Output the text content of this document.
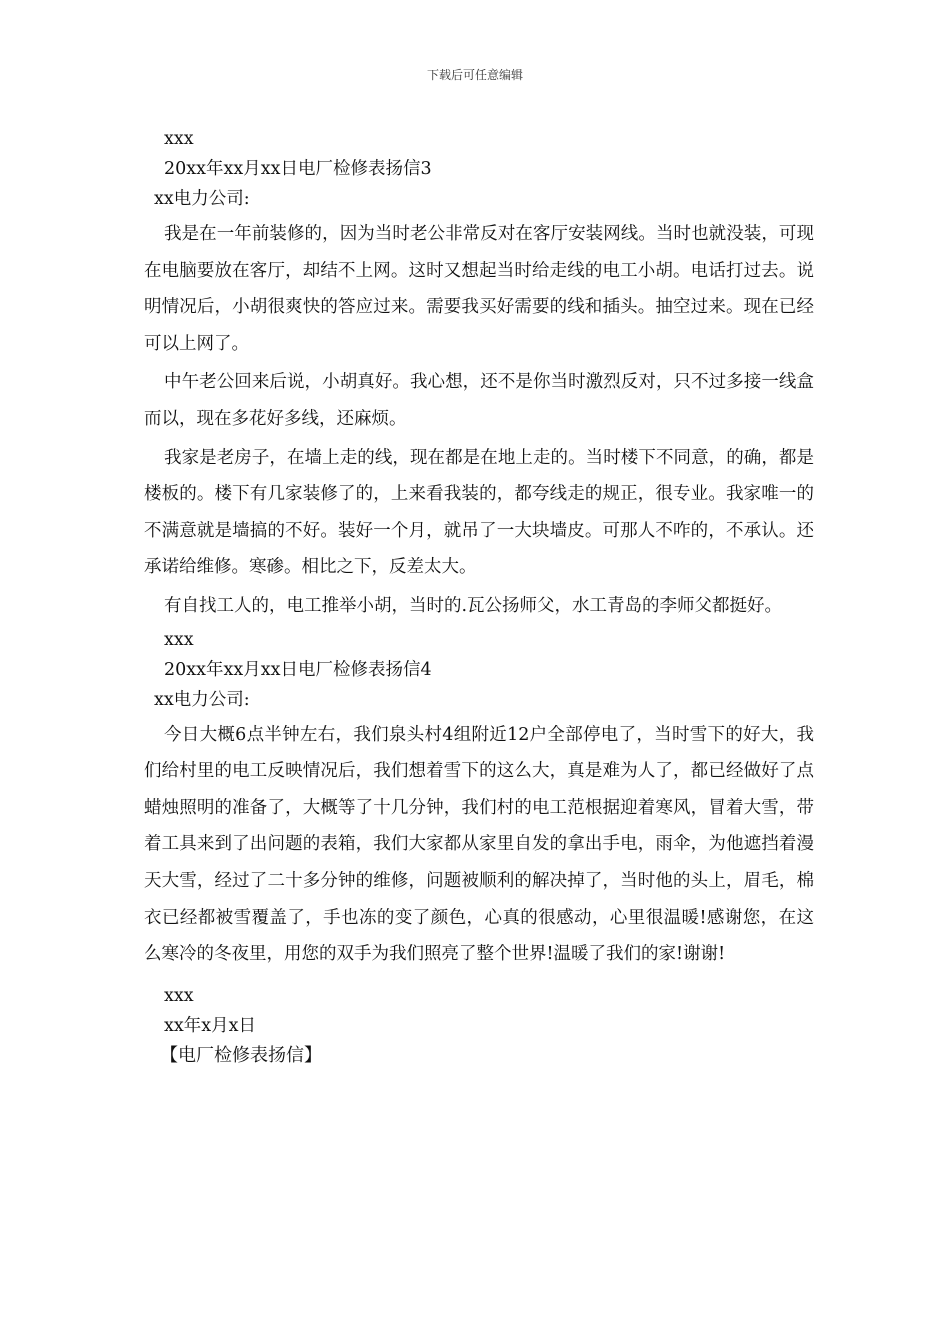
下载后可任意编辑
xxx
20xx年xx月xx日电厂检修表扬信3
xx电力公司:

我是在一年前装修的，因为当时老公非常反对在客厅安装网线。当时也就没装，可现在电脑要放在客厅，却结不上网。这时又想起当时给走线的电工小胡。电话打过去。说明情况后，小胡很爽快的答应过来。需要我买好需要的线和插头。抽空过来。现在已经可以上网了。

中午老公回来后说，小胡真好。我心想，还不是你当时激烈反对，只不过多接一线盒而以，现在多花好多线，还麻烦。

我家是老房子，在墙上走的线，现在都是在地上走的。当时楼下不同意，的确，都是楼板的。楼下有几家装修了的，上来看我装的，都夸线走的规正，很专业。我家唯一的不满意就是墙搞的不好。装好一个月，就吊了一大块墙皮。可那人不咋的，不承认。还承诺给维修。寒碜。相比之下，反差太大。

有自找工人的，电工推举小胡，当时的.瓦公扬师父，水工青岛的李师父都挺好。

xxx
20xx年xx月xx日电厂检修表扬信4
xx电力公司:

今日大概6点半钟左右，我们泉头村4组附近12户全部停电了，当时雪下的好大，我们给村里的电工反映情况后，我们想着雪下的这么大，真是难为人了，都已经做好了点蜡烛照明的准备了，大概等了十几分钟，我们村的电工范根据迎着寒风，冒着大雪，带着工具来到了出问题的表箱，我们大家都从家里自发的拿出手电，雨伞，为他遮挡着漫天大雪，经过了二十多分钟的维修，问题被顺利的解决掉了，当时他的头上，眉毛，棉衣已经都被雪覆盖了，手也冻的变了颜色，心真的很感动，心里很温暖!感谢您，在这么寒冷的冬夜里，用您的双手为我们照亮了整个世界!温暖了我们的家!谢谢!

xxx
xx年x月x日
【电厂检修表扬信】
